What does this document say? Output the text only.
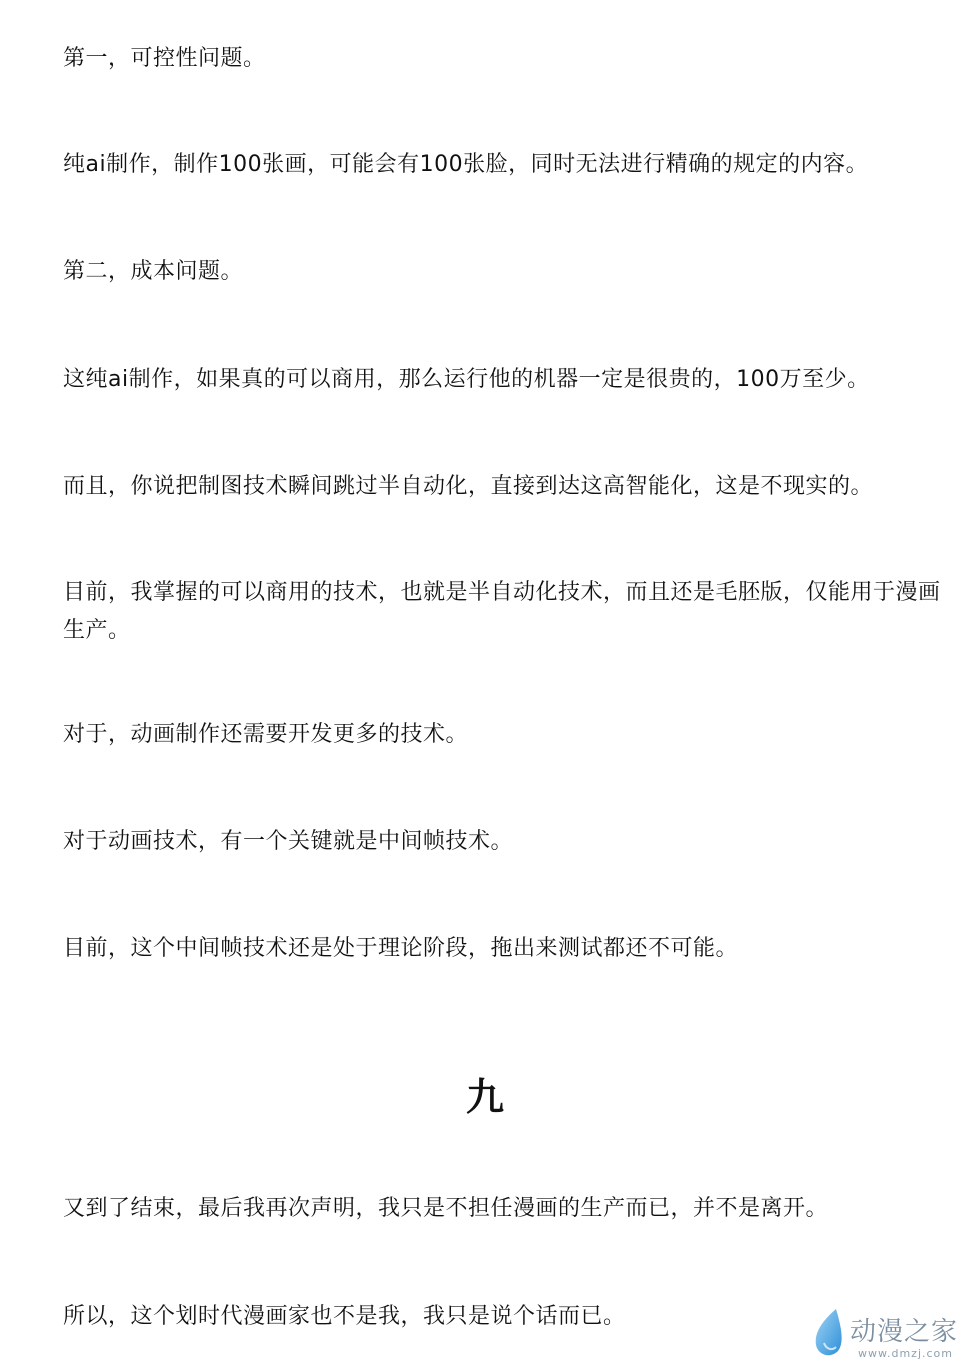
第一，可控性问题。

纯ai制作，制作100张画，可能会有100张脸，同时无法进行精确的规定的内容。

第二，成本问题。

这纯ai制作，如果真的可以商用，那么运行他的机器一定是很贵的，100万至少。

而且，你说把制图技术瞬间跳过半自动化，直接到达这高智能化，这是不现实的。

目前，我掌握的可以商用的技术，也就是半自动化技术，而且还是毛胚版，仅能用于漫画生产。

对于，动画制作还需要开发更多的技术。

对于动画技术，有一个关键就是中间帧技术。

目前，这个中间帧技术还是处于理论阶段，拖出来测试都还不可能。

九

又到了结束，最后我再次声明，我只是不担任漫画的生产而已，并不是离开。

所以，这个划时代漫画家也不是我，我只是说个话而已。

动漫之家
www.dmzj.com
